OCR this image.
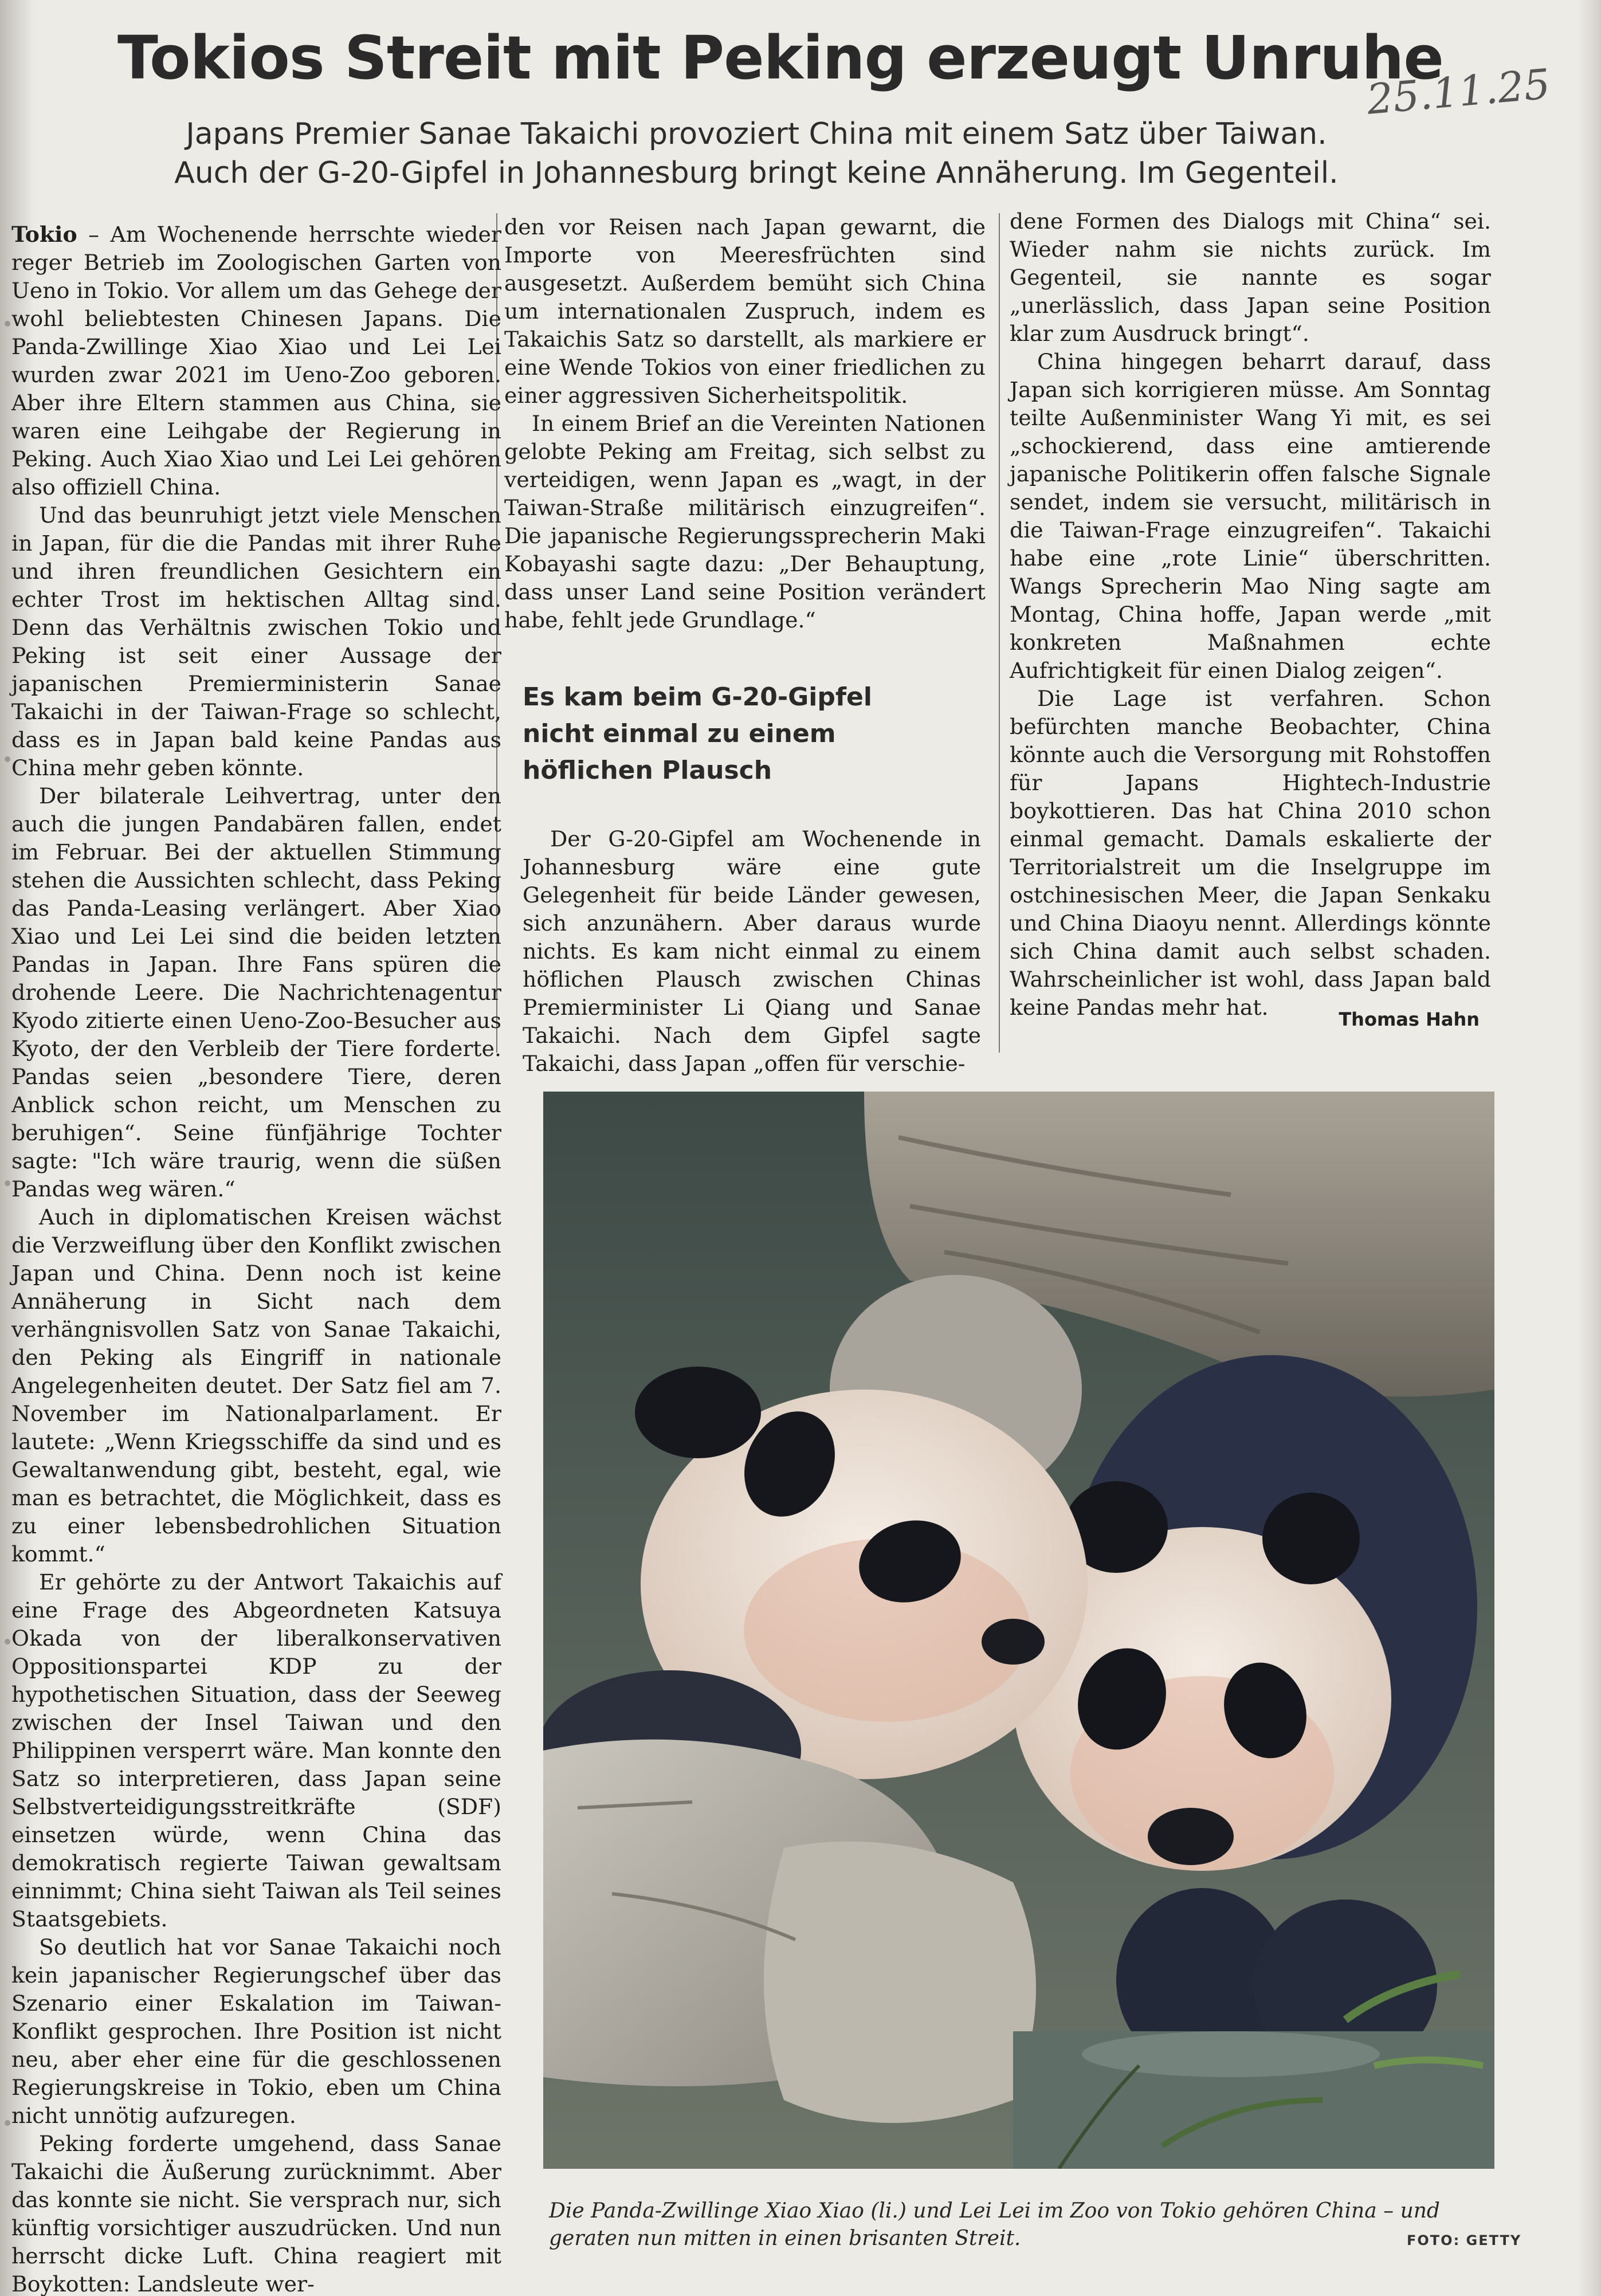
Tokios Streit mit Peking erzeugt Unruhe
25.11.25
Japans Premier Sanae Takaichi provoziert China mit einem Satz über Taiwan.
Auch der G-20-Gipfel in Johannesburg bringt keine Annäherung. Im Gegenteil.

Tokio – Am Wochenende herrschte wieder reger Betrieb im Zoologischen Garten von Ueno in Tokio. Vor allem um das Gehege der wohl beliebtesten Chinesen Japans. Die Panda-Zwillinge Xiao Xiao und Lei Lei wurden zwar 2021 im Ueno-Zoo geboren. Aber ihre Eltern stammen aus China, sie waren eine Leihgabe der Regierung in Peking. Auch Xiao Xiao und Lei Lei gehören also offiziell China.

Und das beunruhigt jetzt viele Menschen in Japan, für die die Pandas mit ihrer Ruhe und ihren freundlichen Gesichtern ein echter Trost im hektischen Alltag sind. Denn das Verhältnis zwischen Tokio und Peking ist seit einer Aussage der japanischen Premierministerin Sanae Takaichi in der Taiwan-Frage so schlecht, dass es in Japan bald keine Pandas aus China mehr geben könnte.

Der bilaterale Leihvertrag, unter den auch die jungen Pandabären fallen, endet im Februar. Bei der aktuellen Stimmung stehen die Aussichten schlecht, dass Peking das Panda-Leasing verlängert. Aber Xiao Xiao und Lei Lei sind die beiden letzten Pandas in Japan. Ihre Fans spüren die drohende Leere. Die Nachrichtenagentur Kyodo zitierte einen Ueno-Zoo-Besucher aus Kyoto, der den Verbleib der Tiere forderte. Pandas seien „besondere Tiere, deren Anblick schon reicht, um Menschen zu beruhigen“. Seine fünfjährige Tochter sagte: "Ich wäre traurig, wenn die süßen Pandas weg wären.“

Auch in diplomatischen Kreisen wächst die Verzweiflung über den Konflikt zwischen Japan und China. Denn noch ist keine Annäherung in Sicht nach dem verhängnisvollen Satz von Sanae Takaichi, den Peking als Eingriff in nationale Angelegenheiten deutet. Der Satz fiel am 7. November im Nationalparlament. Er lautete: „Wenn Kriegsschiffe da sind und es Gewaltanwendung gibt, besteht, egal, wie man es betrachtet, die Möglichkeit, dass es zu einer lebensbedrohlichen Situation kommt.“

Er gehörte zu der Antwort Takaichis auf eine Frage des Abgeordneten Katsuya Okada von der liberalkonservativen Oppositionspartei KDP zu der hypothetischen Situation, dass der Seeweg zwischen der Insel Taiwan und den Philippinen versperrt wäre. Man konnte den Satz so interpretieren, dass Japan seine Selbstverteidigungsstreitkräfte (SDF) einsetzen würde, wenn China das demokratisch regierte Taiwan gewaltsam einnimmt; China sieht Taiwan als Teil seines Staatsgebiets.

So deutlich hat vor Sanae Takaichi noch kein japanischer Regierungschef über das Szenario einer Eskalation im Taiwan-Konflikt gesprochen. Ihre Position ist nicht neu, aber eher eine für die geschlossenen Regierungskreise in Tokio, eben um China nicht unnötig aufzuregen.

Peking forderte umgehend, dass Sanae Takaichi die Äußerung zurücknimmt. Aber das konnte sie nicht. Sie versprach nur, sich künftig vorsichtiger auszudrücken. Und nun herrscht dicke Luft. China reagiert mit Boykotten: Landsleute wer-

den vor Reisen nach Japan gewarnt, die Importe von Meeresfrüchten sind ausgesetzt. Außerdem bemüht sich China um internationalen Zuspruch, indem es Takaichis Satz so darstellt, als markiere er eine Wende Tokios von einer friedlichen zu einer aggressiven Sicherheitspolitik.

In einem Brief an die Vereinten Nationen gelobte Peking am Freitag, sich selbst zu verteidigen, wenn Japan es „wagt, in der Taiwan-Straße militärisch einzugreifen“. Die japanische Regierungssprecherin Maki Kobayashi sagte dazu: „Der Behauptung, dass unser Land seine Position verändert habe, fehlt jede Grundlage.“

Es kam beim G-20-Gipfel nicht einmal zu einem höflichen Plausch

Der G-20-Gipfel am Wochenende in Johannesburg wäre eine gute Gelegenheit für beide Länder gewesen, sich anzunähern. Aber daraus wurde nichts. Es kam nicht einmal zu einem höflichen Plausch zwischen Chinas Premierminister Li Qiang und Sanae Takaichi. Nach dem Gipfel sagte Takaichi, dass Japan „offen für verschie-

dene Formen des Dialogs mit China“ sei. Wieder nahm sie nichts zurück. Im Gegenteil, sie nannte es sogar „unerlässlich, dass Japan seine Position klar zum Ausdruck bringt“.

China hingegen beharrt darauf, dass Japan sich korrigieren müsse. Am Sonntag teilte Außenminister Wang Yi mit, es sei „schockierend, dass eine amtierende japanische Politikerin offen falsche Signale sendet, indem sie versucht, militärisch in die Taiwan-Frage einzugreifen“. Takaichi habe eine „rote Linie“ überschritten. Wangs Sprecherin Mao Ning sagte am Montag, China hoffe, Japan werde „mit konkreten Maßnahmen echte Aufrichtigkeit für einen Dialog zeigen“.

Die Lage ist verfahren. Schon befürchten manche Beobachter, China könnte auch die Versorgung mit Rohstoffen für Japans Hightech-Industrie boykottieren. Das hat China 2010 schon einmal gemacht. Damals eskalierte der Territorialstreit um die Inselgruppe im ostchinesischen Meer, die Japan Senkaku und China Diaoyu nennt. Allerdings könnte sich China damit auch selbst schaden. Wahrscheinlicher ist wohl, dass Japan bald keine Pandas mehr hat.	Thomas Hahn
Die Panda-Zwillinge Xiao Xiao (li.) und Lei Lei im Zoo von Tokio gehören China – und geraten nun mitten in einen brisanten Streit.	FOTO: GETTY
